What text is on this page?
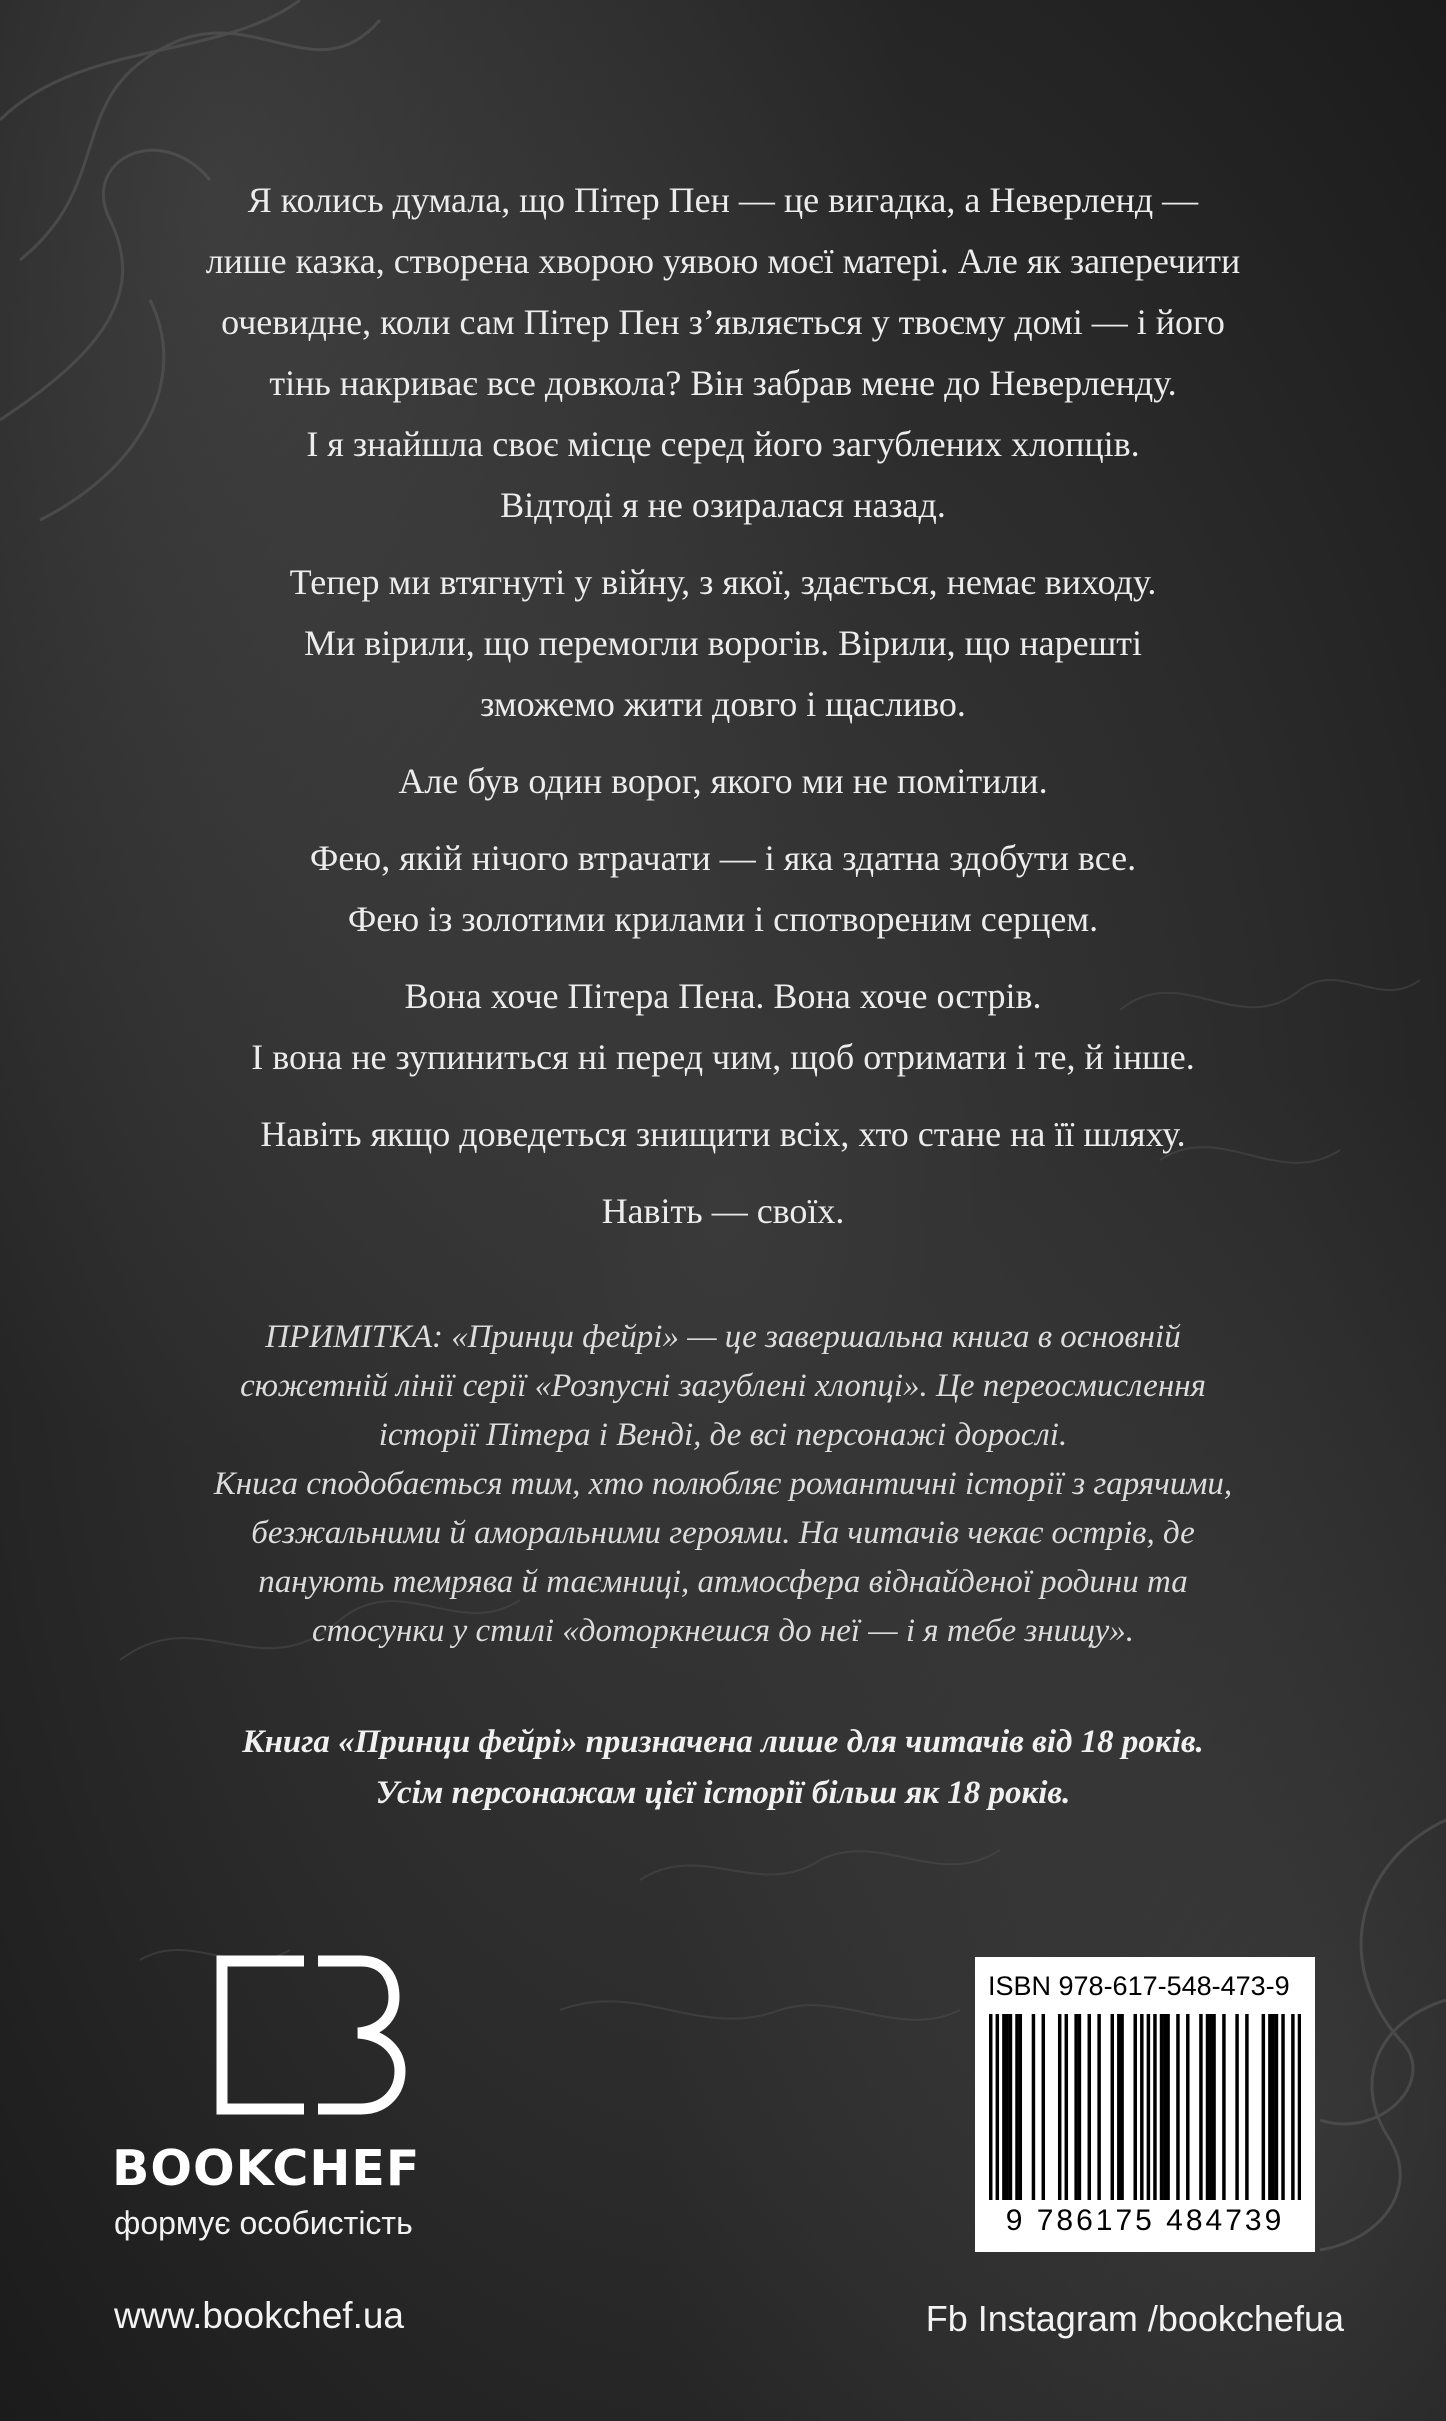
Я колись думала, що Пітер Пен — це вигадка, а Неверленд —
лише казка, створена хворою уявою моєї матері. Але як заперечити
очевидне, коли сам Пітер Пен з’являється у твоєму домі — і його
тінь накриває все довкола? Він забрав мене до Неверленду.
І я знайшла своє місце серед його загублених хлопців.
Відтоді я не озиралася назад.

Тепер ми втягнуті у війну, з якої, здається, немає виходу.
Ми вірили, що перемогли ворогів. Вірили, що нарешті
зможемо жити довго і щасливо.

Але був один ворог, якого ми не помітили.

Фею, якій нічого втрачати — і яка здатна здобути все.
Фею із золотими крилами і спотвореним серцем.

Вона хоче Пітера Пена. Вона хоче острів.
І вона не зупиниться ні перед чим, щоб отримати і те, й інше.

Навіть якщо доведеться знищити всіх, хто стане на її шляху.

Навіть — своїх.

ПРИМІТКА: «Принци фейрі» — це завершальна книга в основній
сюжетній лінії серії «Розпусні загублені хлопці». Це переосмислення
історії Пітера і Венді, де всі персонажі дорослі.
Книга сподобається тим, хто полюбляє романтичні історії з гарячими,
безжальними й аморальними героями. На читачів чекає острів, де
панують темрява й таємниці, атмосфера віднайденої родини та
стосунки у стилі «доторкнешся до неї — і я тебе знищу».
Книга «Принци фейрі» призначена лише для читачів від 18 років.
Усім персонажам цієї історії більш як 18 років.
BOOKCHEF
формує особистість
www.bookchef.ua	Fb Instagram /bookchefua
ISBN 978-617-548-473-9
9 786175 484739
